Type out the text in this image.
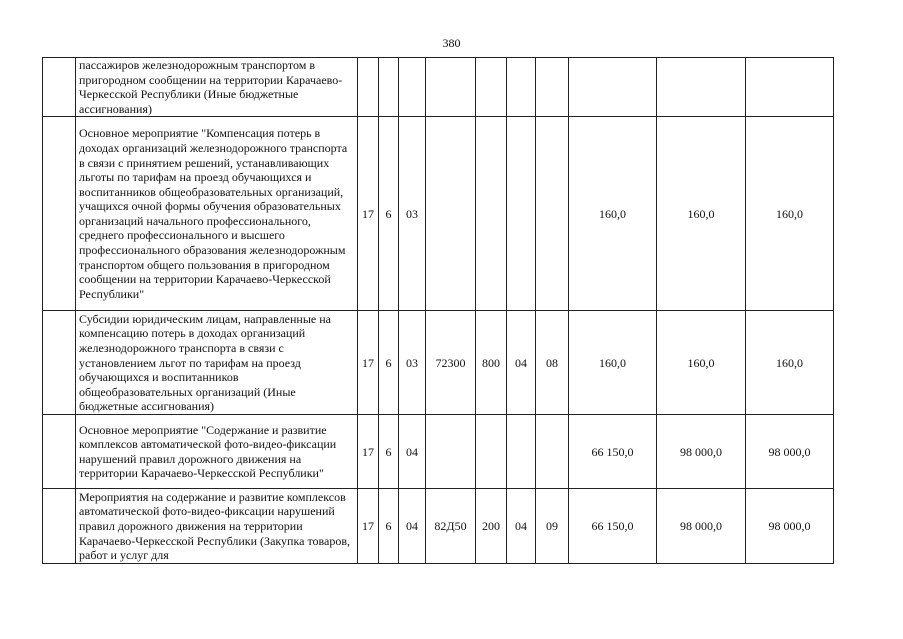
380
	пассажиров железнодорожным транспортом в пригородном сообщении на территории Карачаево-Черкесской Республики (Иные бюджетные ассигнования)										
	Основное мероприятие "Компенсация потерь в доходах организаций железнодорожного транспорта в связи с принятием решений, устанавливающих льготы по тарифам на проезд обучающихся и воспитанников общеобразовательных организаций, учащихся очной формы обучения образовательных организаций начального профессионального, среднего профессионального и высшего профессионального образования железнодорожным транспортом общего пользования в пригородном сообщении на территории Карачаево-Черкесской Республики"	17	6	03					160,0	160,0	160,0
	Субсидии юридическим лицам, направленные на компенсацию потерь в доходах организаций железнодорожного транспорта в связи с установлением льгот по тарифам на проезд обучающихся и воспитанников общеобразовательных организаций (Иные бюджетные ассигнования)	17	6	03	72300	800	04	08	160,0	160,0	160,0
	Основное мероприятие "Содержание и развитие комплексов автоматической фото-видео-фиксации нарушений правил дорожного движения на территории Карачаево-Черкесской Республики"	17	6	04					66 150,0	98 000,0	98 000,0
	Мероприятия на содержание и развитие комплексов автоматической фото-видео-фиксации нарушений правил дорожного движения на территории Карачаево-Черкесской Республики (Закупка товаров, работ и услуг для	17	6	04	82Д50	200	04	09	66 150,0	98 000,0	98 000,0
